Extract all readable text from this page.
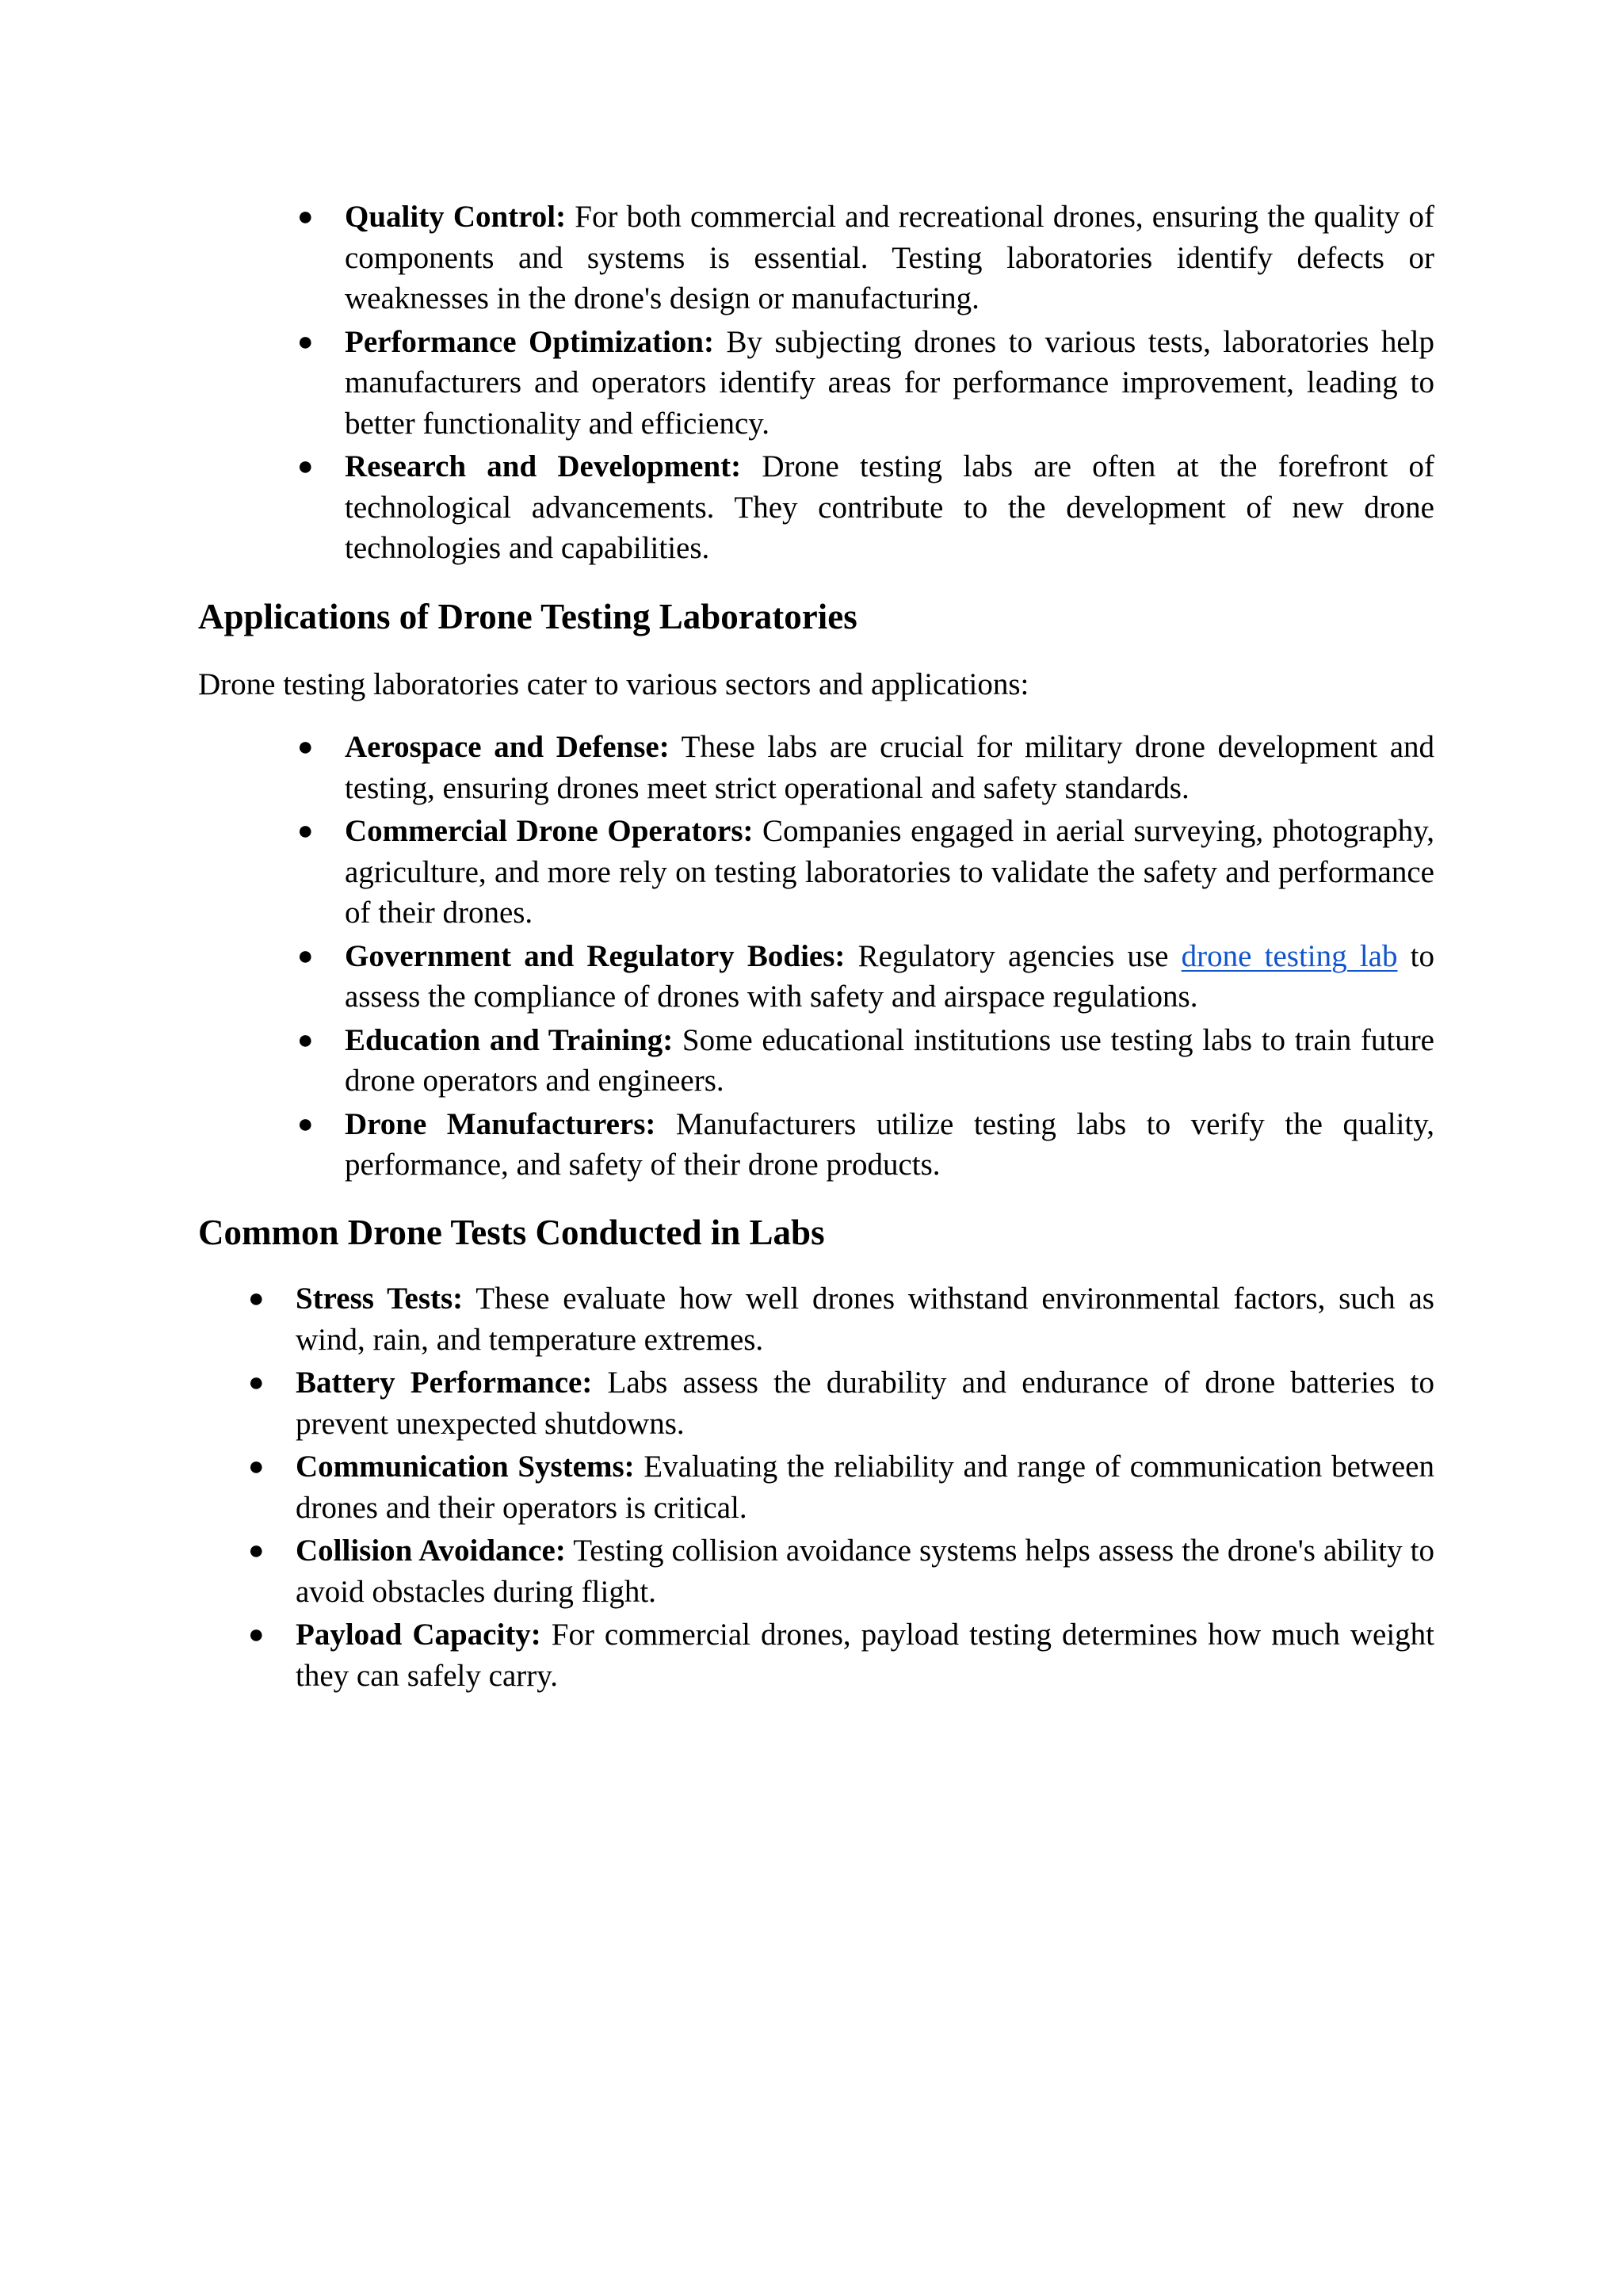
● Quality Control: For both commercial and recreational drones, ensuring the quality of components and systems is essential. Testing laboratories identify defects or weaknesses in the drone's design or manufacturing.
● Performance Optimization: By subjecting drones to various tests, laboratories help manufacturers and operators identify areas for performance improvement, leading to better functionality and efficiency.
● Research and Development: Drone testing labs are often at the forefront of technological advancements. They contribute to the development of new drone technologies and capabilities.
Applications of Drone Testing Laboratories

Drone testing laboratories cater to various sectors and applications:

● Aerospace and Defense: These labs are crucial for military drone development and testing, ensuring drones meet strict operational and safety standards.
● Commercial Drone Operators: Companies engaged in aerial surveying, photography, agriculture, and more rely on testing laboratories to validate the safety and performance of their drones.
● Government and Regulatory Bodies: Regulatory agencies use drone testing lab to assess the compliance of drones with safety and airspace regulations.
● Education and Training: Some educational institutions use testing labs to train future drone operators and engineers.
● Drone Manufacturers: Manufacturers utilize testing labs to verify the quality, performance, and safety of their drone products.
Common Drone Tests Conducted in Labs
● Stress Tests: These evaluate how well drones withstand environmental factors, such as wind, rain, and temperature extremes.
● Battery Performance: Labs assess the durability and endurance of drone batteries to prevent unexpected shutdowns.
● Communication Systems: Evaluating the reliability and range of communication between drones and their operators is critical.
● Collision Avoidance: Testing collision avoidance systems helps assess the drone's ability to avoid obstacles during flight.
● Payload Capacity: For commercial drones, payload testing determines how much weight they can safely carry.
